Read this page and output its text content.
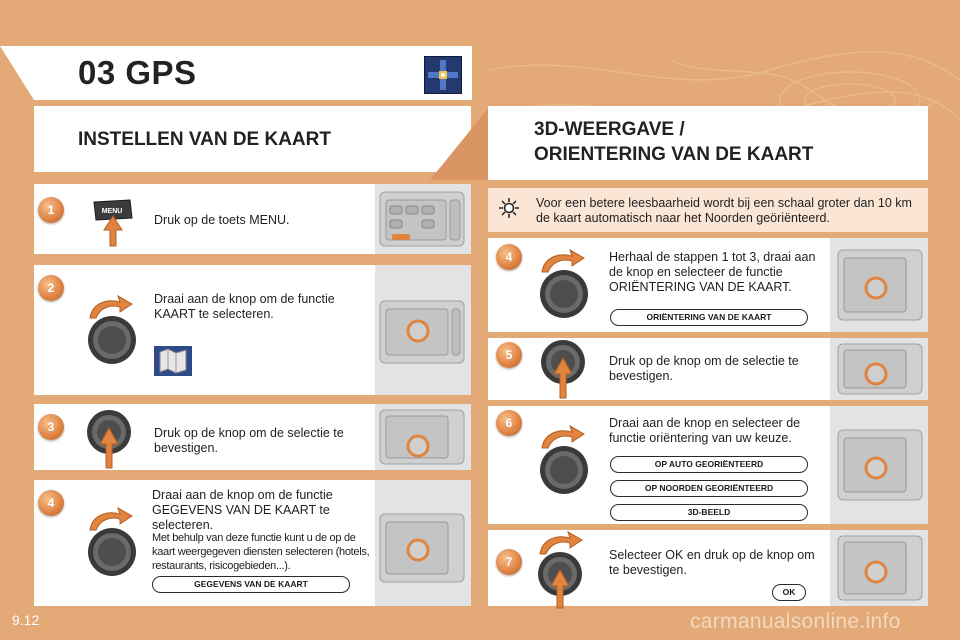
03 GPS
INSTELLEN VAN DE KAART	3D-WEERGAVE /
ORIENTERING VAN DE KAART
Voor een betere leesbaarheid wordt bij een schaal groter dan 10 km de kaart automatisch naar het Noorden geöriënteerd.
1	MENU
Druk op de toets MENU.
2
Draai aan de knop om de functie KAART te selecteren.
3	Druk op de knop om de selectie te bevestigen.
4
Draai aan de knop om de functie GEGEVENS VAN DE KAART te selecteren.
Met behulp van deze functie kunt u de op de kaart weergegeven diensten selecteren (hotels, restaurants, risicogebieden...).
GEGEVENS VAN DE KAART
4	Herhaal de stappen 1 tot 3, draai aan de knop en selecteer de functie ORIËNTERING VAN DE KAART.
ORIËNTERING VAN DE KAART
5	Druk op de knop om de selectie te bevestigen.
6	Draai aan de knop en selecteer de functie oriëntering van uw keuze.
OP AUTO GEORIËNTEERD
OP NOORDEN GEORIËNTEERD
3D-BEELD
7	Selecteer OK en druk op de knop om te bevestigen.
OK
9.12	carmanualsonline.info
